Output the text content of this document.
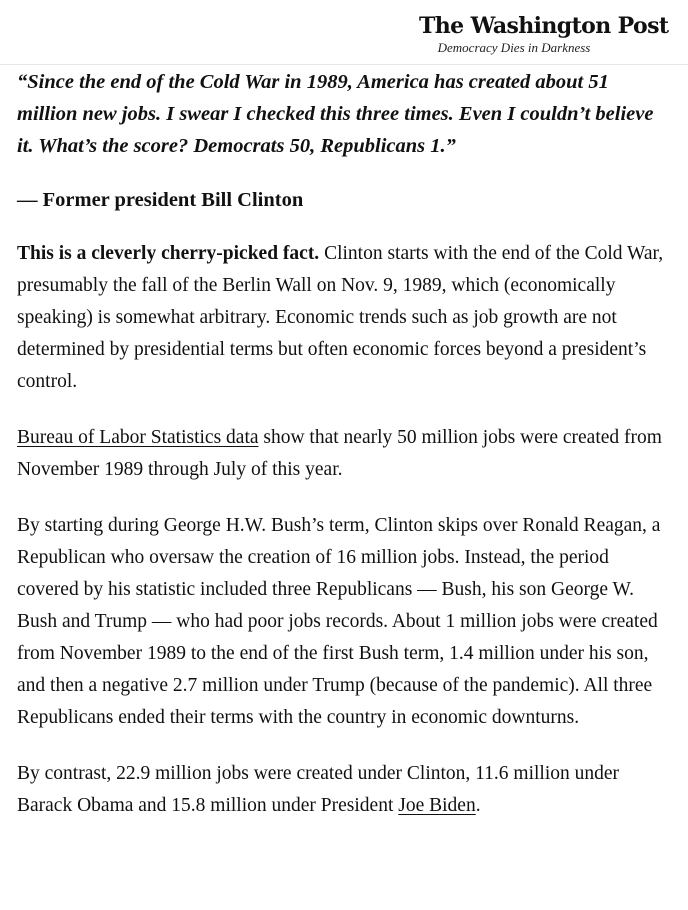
The Washington Post
Democracy Dies in Darkness
“Since the end of the Cold War in 1989, America has created about 51 million new jobs. I swear I checked this three times. Even I couldn’t believe it. What’s the score? Democrats 50, Republicans 1.”
— Former president Bill Clinton

This is a cleverly cherry-picked fact. Clinton starts with the end of the Cold War, presumably the fall of the Berlin Wall on Nov. 9, 1989, which (economically speaking) is somewhat arbitrary. Economic trends such as job growth are not determined by presidential terms but often economic forces beyond a president’s control.

Bureau of Labor Statistics data show that nearly 50 million jobs were created from November 1989 through July of this year.

By starting during George H.W. Bush’s term, Clinton skips over Ronald Reagan, a Republican who oversaw the creation of 16 million jobs. Instead, the period covered by his statistic included three Republicans — Bush, his son George W. Bush and Trump — who had poor jobs records. About 1 million jobs were created from November 1989 to the end of the first Bush term, 1.4 million under his son, and then a negative 2.7 million under Trump (because of the pandemic). All three Republicans ended their terms with the country in economic downturns.

By contrast, 22.9 million jobs were created under Clinton, 11.6 million under Barack Obama and 15.8 million under President Joe Biden.
